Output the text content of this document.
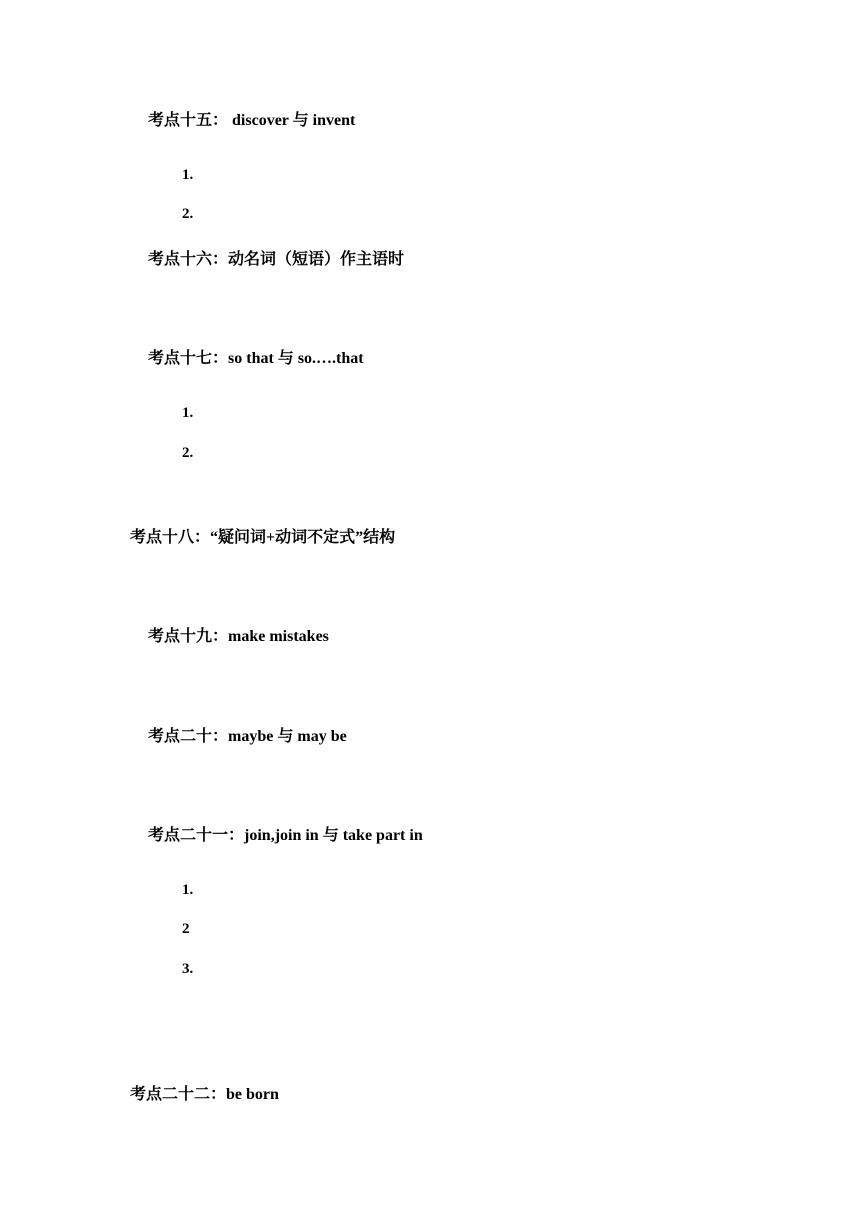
考点十五： discover 与 invent
1.
2.
考点十六：动名词（短语）作主语时
考点十七：so that 与 so.….that
1.
2.
考点十八：“疑问词+动词不定式”结构
考点十九：make mistakes
考点二十：maybe 与 may be
考点二十一：join,join in 与 take part in
1.
2
3.
考点二十二：be born
